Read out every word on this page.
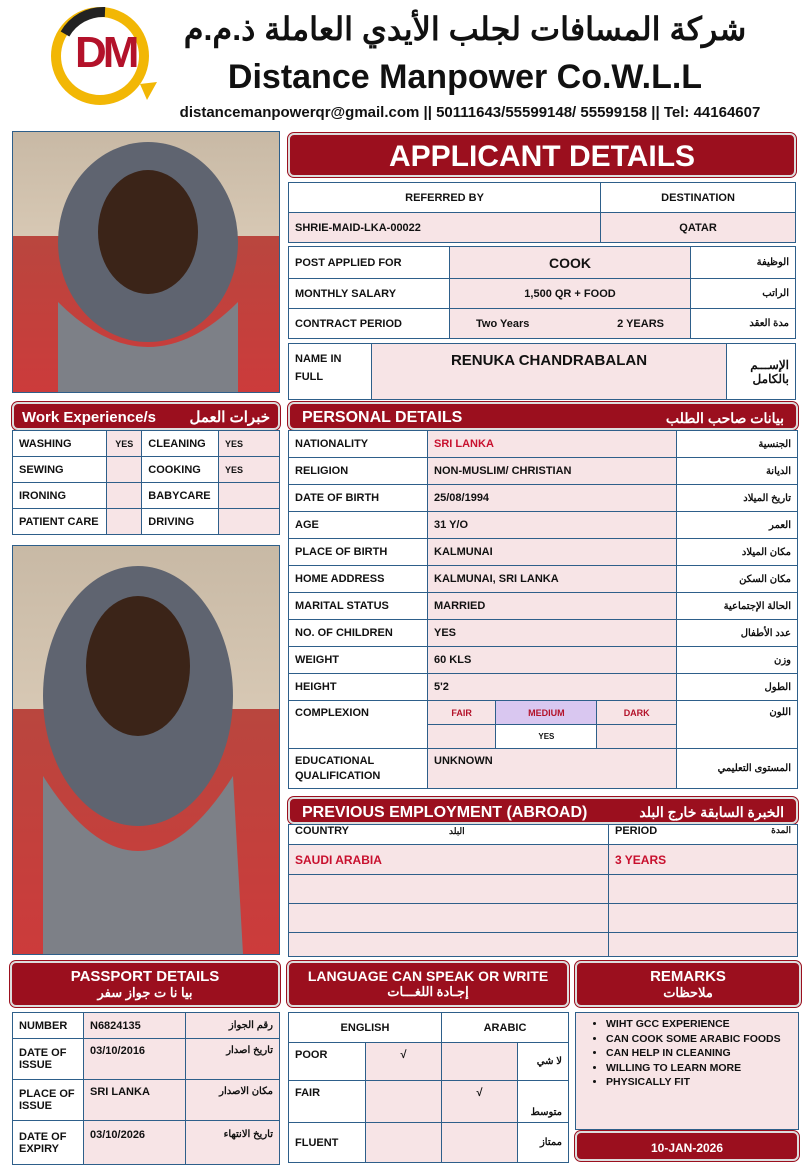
DM شركة المسافات لجلب الأيدي العاملة ذ.م.م
Distance Manpower Co.W.L.L
distancemanpowerqr@gmail.com || 50111643/55599148/ 55599158 || Tel: 44164607
APPLICANT DETAILS
REFERRED BY	DESTINATION
SHRIE-MAID-LKA-00022	QATAR
POST APPLIED FOR	COOK	الوظيفة
MONTHLY SALARY	1,500 QR + FOOD	الراتب
CONTRACT PERIOD	Two Years 2 YEARS	مدة العقد
NAME IN FULL	RENUKA CHANDRABALAN	الإســـم بالكامل
Work Experience/s خبرات العمل
WASHING	YES	CLEANING	YES
SEWING		COOKING	YES
IRONING		BABYCARE	
PATIENT CARE		DRIVING	
PERSONAL DETAILS	بيانات صاحب الطلب
NATIONALITY	SRI LANKA			الجنسية
RELIGION	NON-MUSLIM/ CHRISTIAN			الديانة
DATE OF BIRTH	25/08/1994			تاريخ الميلاد
AGE	31 Y/O			العمر
PLACE OF BIRTH	KALMUNAI			مكان الميلاد
HOME ADDRESS	KALMUNAI, SRI LANKA			مكان السكن
MARITAL STATUS	MARRIED			الحالة الإجتماعية
NO. OF CHILDREN	YES			عدد الأطفال
WEIGHT	60 KLS			وزن
HEIGHT	5'2			الطول
COMPLEXION	FAIR	MEDIUM	DARK	اللون
		YES		
EDUCATIONAL QUALIFICATION	UNKNOWN			المستوى التعليمي
PREVIOUS EMPLOYMENT (ABROAD)	الخبرة السابقة خارج البلد
COUNTRY البلد	PERIOD المدة

SAUDI ARABIA	3 YEARS

PASSPORT DETAILS
بيا نا ت جواز سفر
NUMBER	N6824135	رقم الجواز
DATE OF ISSUE	03/10/2016	تاريخ اصدار
PLACE OF ISSUE	SRI LANKA	مكان الاصدار
DATE OF EXPIRY	03/10/2026	تاريخ الانتهاء
LANGUAGE CAN SPEAK OR WRITE
إجـادة اللغـــات
ENGLISH		ARABIC	
POOR	√		لا شي
FAIR		√	متوسط
FLUENT			ممتاز
REMARKS
ملاحظات
• WIHT GCC EXPERIENCE
• CAN COOK SOME ARABIC FOODS
• CAN HELP IN CLEANING
• WILLING TO LEARN MORE
• PHYSICALLY FIT
10-JAN-2026
